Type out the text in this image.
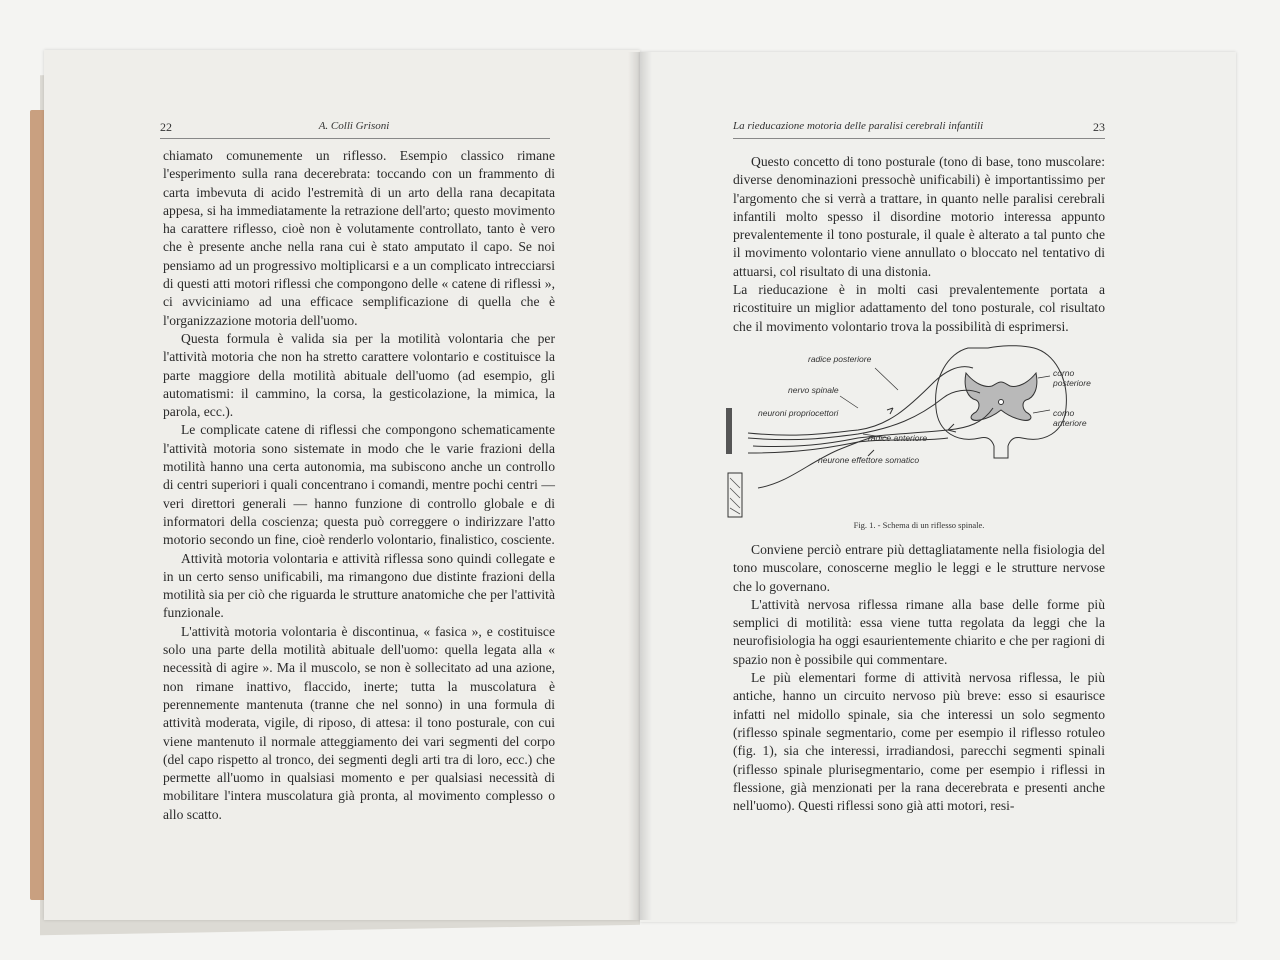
22	A. Colli Grisoni	La rieducazione motoria delle paralisi cerebrali infantili	23

chiamato comunemente un riflesso. Esempio classico rimane l'esperimento sulla rana decerebrata: toccando con un frammento di carta imbevuta di acido l'estremità di un arto della rana decapitata appesa, si ha immediatamente la retrazione dell'arto; questo movimento ha carattere riflesso, cioè non è volutamente controllato, tanto è vero che è presente anche nella rana cui è stato amputato il capo. Se noi pensiamo ad un progressivo moltiplicarsi e a un complicato intrecciarsi di questi atti motori riflessi che compongono delle « catene di riflessi », ci avviciniamo ad una efficace semplificazione di quella che è l'organizzazione motoria dell'uomo.

Questa formula è valida sia per la motilità volontaria che per l'attività motoria che non ha stretto carattere volontario e costituisce la parte maggiore della motilità abituale dell'uomo (ad esempio, gli automatismi: il cammino, la corsa, la gesticolazione, la mimica, la parola, ecc.).

Le complicate catene di riflessi che compongono schematicamente l'attività motoria sono sistemate in modo che le varie frazioni della motilità hanno una certa autonomia, ma subiscono anche un controllo di centri superiori i quali concentrano i comandi, mentre pochi centri — veri direttori generali — hanno funzione di controllo globale e di informatori della coscienza; questa può correggere o indirizzare l'atto motorio secondo un fine, cioè renderlo volontario, finalistico, cosciente.

Attività motoria volontaria e attività riflessa sono quindi collegate e in un certo senso unificabili, ma rimangono due distinte frazioni della motilità sia per ciò che riguarda le strutture anatomiche che per l'attività funzionale.

L'attività motoria volontaria è discontinua, « fasica », e costituisce solo una parte della motilità abituale dell'uomo: quella legata alla « necessità di agire ». Ma il muscolo, se non è sollecitato ad una azione, non rimane inattivo, flaccido, inerte; tutta la muscolatura è perennemente mantenuta (tranne che nel sonno) in una formula di attività moderata, vigile, di riposo, di attesa: il tono posturale, con cui viene mantenuto il normale atteggiamento dei vari segmenti del corpo (del capo rispetto al tronco, dei segmenti degli arti tra di loro, ecc.) che permette all'uomo in qualsiasi momento e per qualsiasi necessità di mobilitare l'intera muscolatura già pronta, al movimento complesso o allo scatto.

Questo concetto di tono posturale (tono di base, tono muscolare: diverse denominazioni pressochè unificabili) è importantissimo per l'argomento che si verrà a trattare, in quanto nelle paralisi cerebrali infantili molto spesso il disordine motorio interessa appunto prevalentemente il tono posturale, il quale è alterato a tal punto che il movimento volontario viene annullato o bloccato nel tentativo di attuarsi, col risultato di una distonia.

La rieducazione è in molti casi prevalentemente portata a ricostituire un miglior adattamento del tono posturale, col risultato che il movimento volontario trova la possibilità di esprimersi.

radice posteriore
nervo spinale
neuroni propriocettori
radice anteriore
neurone effettore somatico
corno
posteriore
corno
anteriore
Fig. 1. - Schema di un riflesso spinale.

Conviene perciò entrare più dettagliatamente nella fisiologia del tono muscolare, conoscerne meglio le leggi e le strutture nervose che lo governano.

L'attività nervosa riflessa rimane alla base delle forme più semplici di motilità: essa viene tutta regolata da leggi che la neurofisiologia ha oggi esaurientemente chiarito e che per ragioni di spazio non è possibile qui commentare.

Le più elementari forme di attività nervosa riflessa, le più antiche, hanno un circuito nervoso più breve: esso si esaurisce infatti nel midollo spinale, sia che interessi un solo segmento (riflesso spinale segmentario, come per esempio il riflesso rotuleo (fig. 1), sia che interessi, irradiandosi, parecchi segmenti spinali (riflesso spinale plurisegmentario, come per esempio i riflessi in flessione, già menzionati per la rana decerebrata e presenti anche nell'uomo). Questi riflessi sono già atti motori, resi-
